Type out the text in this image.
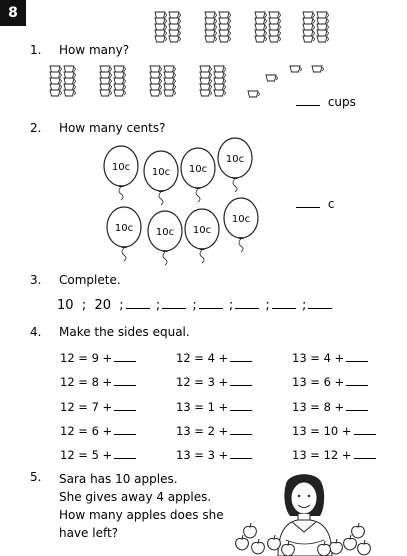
8
1. How many?
cups
2. How many cents?
10c 10c 10c
10c
10c 10c 10c
10c
c
3. Complete.
10  ;  20  ; ; ; ; ; ;
4. Make the sides equal.
12 = 9 +	12 = 4 +	13 = 4 +
12 = 8 +	12 = 3 +	13 = 6 +
12 = 7 +	13 = 1 +	13 = 8 +
12 = 6 +	13 = 2 +	13 = 10 +
12 = 5 +	13 = 3 +	13 = 12 +
5. Sara has 10 apples.
She gives away 4 apples.
How many apples does she
have left?
